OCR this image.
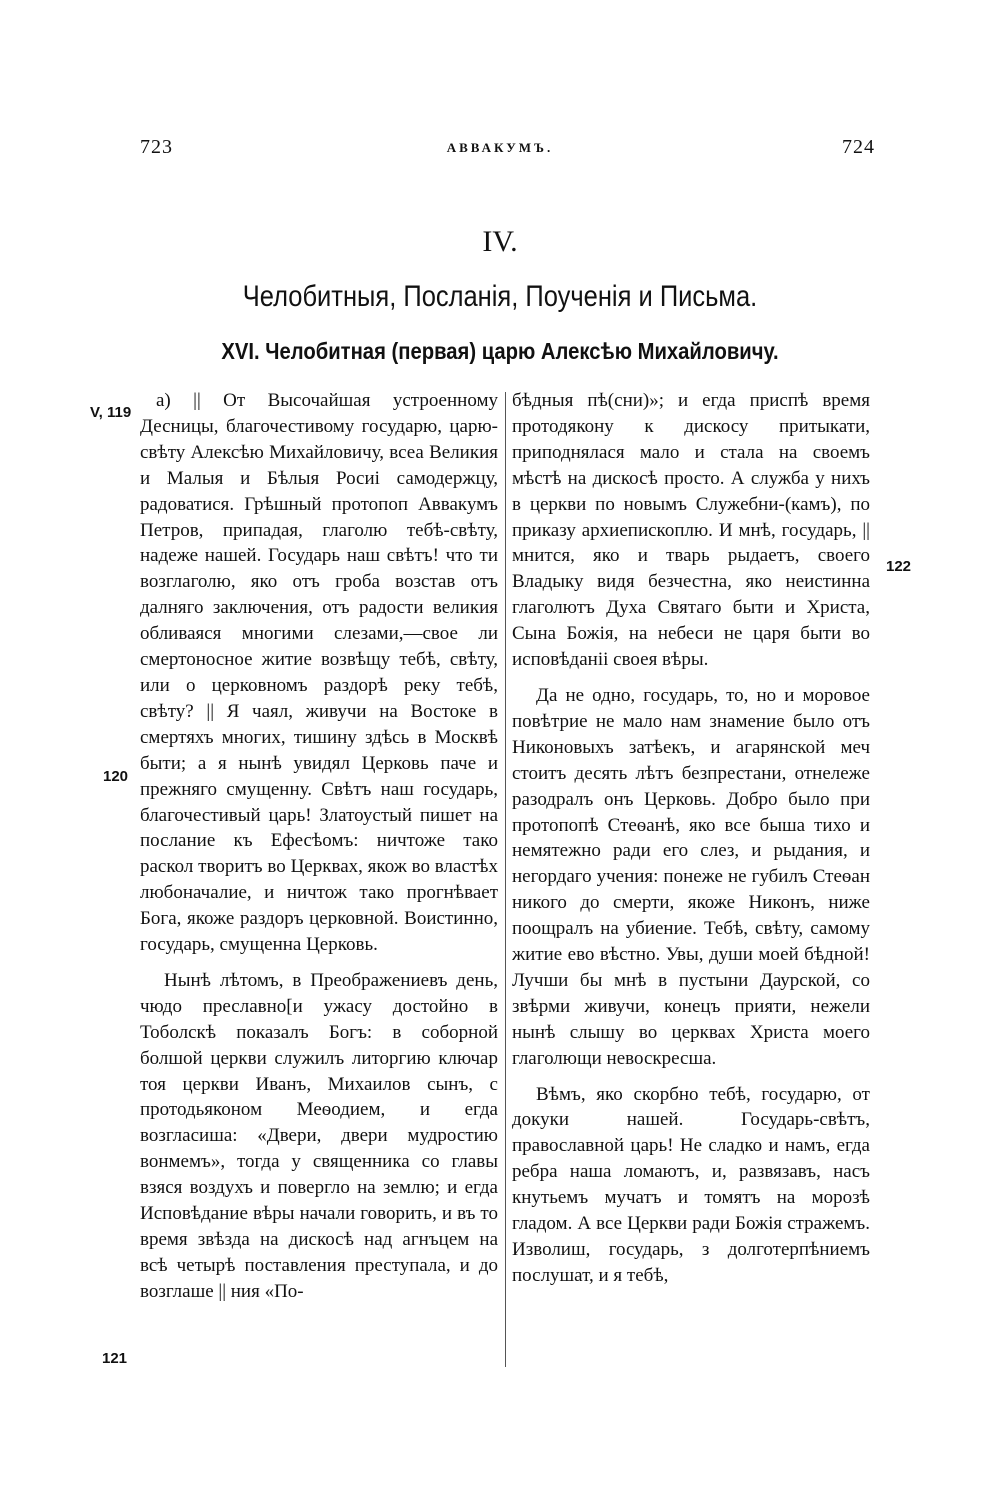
723	АВВАКУМЪ.	724
IV.
Челобитныя, Посланія, Поученія и Письма.
XVI. Челобитная (первая) царю Алексѣю Михайловичу.
V, 119
120
121
122

а) || От Высочайшая устроенному Десницы, благочестивому государю, царю-свѣту Алексѣю Михайловичу, всеа Великия и Малыя и Бѣлыя Росиі самодержцу, радоватися. Грѣшный протопоп Аввакумъ Петров, припадая, глаголю тебѣ-свѣту, надеже нашей. Государь наш свѣтъ! что ти возглаголю, яко отъ гроба возстав отъ далняго заключения, отъ радости великия обливаяся многими слезами,—свое ли смертоносное житие возвѣщу тебѣ, свѣту, или о церковномъ раздорѣ реку тебѣ, свѣту? || Я чаял, живучи на Востоке в смертяхъ многих, тишину здѣсь в Москвѣ быти; а я нынѣ увидял Церковь паче и прежняго смущенну. Свѣтъ наш государь, благочестивый царь! Златоустый пишет на послание къ Ефесѣомъ: ничтоже тако раскол творитъ во Церквах, якож во властѣх любоначалие, и ничтож тако прогнѣвает Бога, якоже раздоръ церковной. Воистинно, государь, смущенна Церковь.

Нынѣ лѣтомъ, в Преображениевъ день, чюдо преславно[и ужасу достойно в Тоболскѣ показалъ Богъ: в соборной болшой церкви служилъ литоргию ключар тоя церкви Иванъ, Михаилов сынъ, с протодьяконом Меѳодием, и егда возгласиша: «Двери, двери мудростию вонмемъ», тогда у священника со главы взяся воздухъ и повергло на землю; и егда Исповѣдание вѣры начали говорить, и въ то время звѣзда на дискосѣ над агнъцем на всѣ четырѣ поставления преступала, и до возглашe || ния «По-

бѣдныя пѣ(сни)»; и егда приспѣ время протодякону к дискосу притыкати, приподнялася мало и стала на своемъ мѣстѣ на дискосѣ просто. А служба у нихъ в церкви по новымъ Служебни-(камъ), по приказу архиепископлю. И мнѣ, государь, || мнится, яко и тварь рыдаетъ, своего Владыку видя безчестна, яко неистинна глаголютъ Духа Святаго быти и Христа, Сына Божія, на небеси не царя быти во исповѣданіі своея вѣры.

Да не одно, государь, то, но и моровое повѣтрие не мало нам знамение было отъ Никоновыхъ затѣекъ, и агарянской меч стоитъ десять лѣтъ безпрестани, отнележе разодралъ онъ Церковь. Добро было при протопопѣ Стеѳанѣ, яко все быша тихо и немятежно ради его слез, и рыдания, и негордаго учения: понеже не губилъ Стеѳан никого до смерти, якоже Никонъ, ниже поощралъ на убиение. Тебѣ, свѣту, самому житие ево вѣстно. Увы, души моей бѣдной! Лучши бы мнѣ в пустыни Даурской, со звѣрми живучи, конецъ прияти, нежели нынѣ слышу во церквах Христа моего глаголющи невоскресша.

Вѣмъ, яко скорбно тебѣ, государю, от докуки нашей. Государь-свѣтъ, православной царь! Не сладко и намъ, егда ребра наша ломаютъ, и, развязавъ, насъ кнутьемъ мучатъ и томятъ на морозѣ гладом. А все Церкви ради Божія стражемъ. Изволиш, государь, з долготерпѣниемъ послушат, и я тебѣ,
